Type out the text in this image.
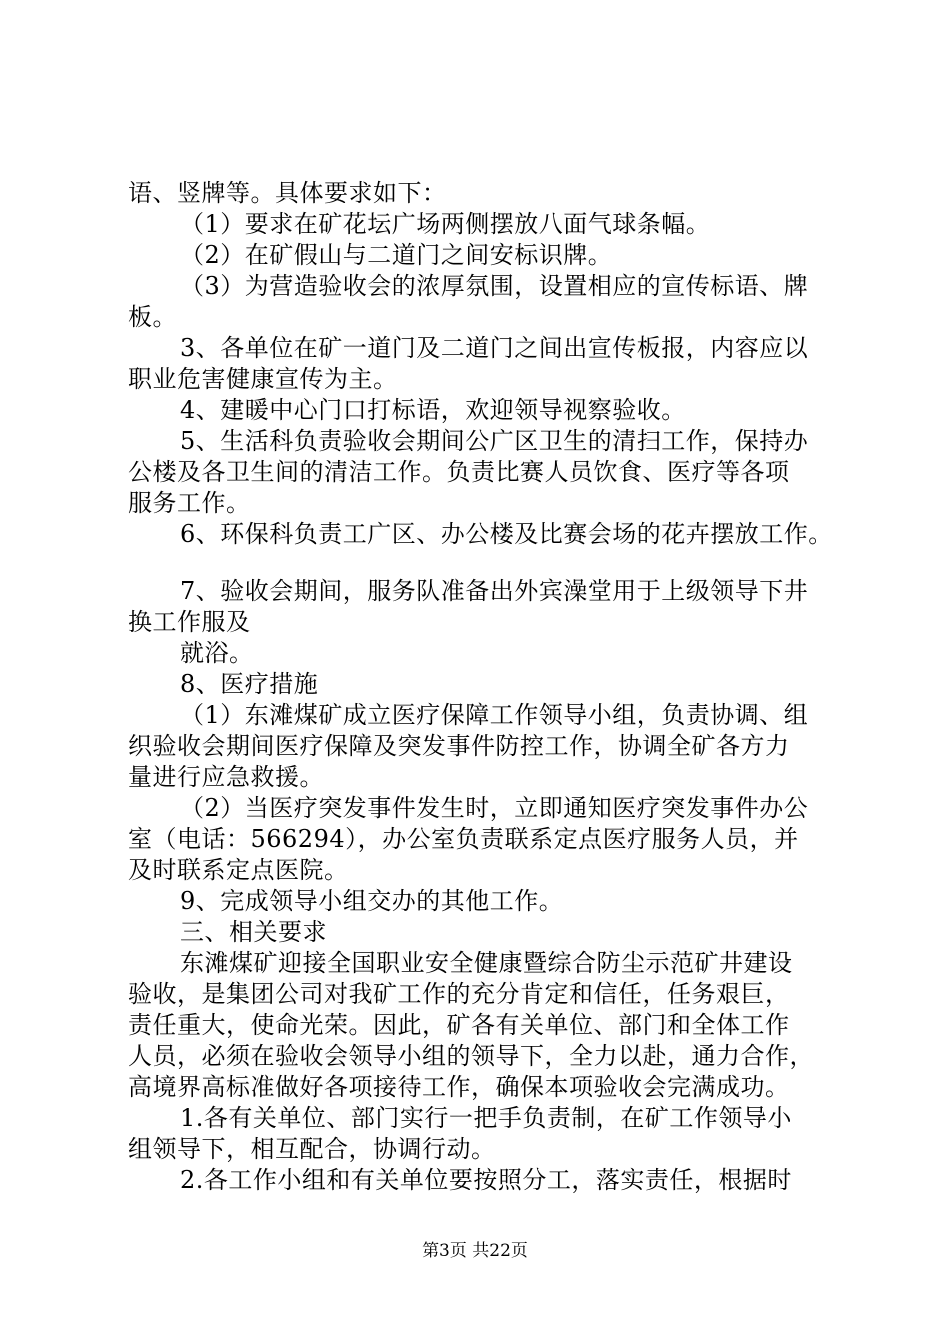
语、竖牌等。具体要求如下：
（1）要求在矿花坛广场两侧摆放八面气球条幅。
（2）在矿假山与二道门之间安标识牌。
（3）为营造验收会的浓厚氛围，设置相应的宣传标语、牌
板。
3、各单位在矿一道门及二道门之间出宣传板报，内容应以
职业危害健康宣传为主。
4、建暖中心门口打标语，欢迎领导视察验收。
5、生活科负责验收会期间公广区卫生的清扫工作，保持办
公楼及各卫生间的清洁工作。负责比赛人员饮食、医疗等各项
服务工作。
6、环保科负责工广区、办公楼及比赛会场的花卉摆放工作。
7、验收会期间，服务队准备出外宾澡堂用于上级领导下井
换工作服及
就浴。
8、医疗措施
（1）东滩煤矿成立医疗保障工作领导小组，负责协调、组
织验收会期间医疗保障及突发事件防控工作，协调全矿各方力
量进行应急救援。
（2）当医疗突发事件发生时，立即通知医疗突发事件办公
室（电话：566294），办公室负责联系定点医疗服务人员，并
及时联系定点医院。
9、完成领导小组交办的其他工作。
三、相关要求
东滩煤矿迎接全国职业安全健康暨综合防尘示范矿井建设
验收，是集团公司对我矿工作的充分肯定和信任，任务艰巨，
责任重大，使命光荣。因此，矿各有关单位、部门和全体工作
人员，必须在验收会领导小组的领导下，全力以赴，通力合作，
高境界高标准做好各项接待工作，确保本项验收会完满成功。
1.各有关单位、部门实行一把手负责制，在矿工作领导小
组领导下，相互配合，协调行动。
2.各工作小组和有关单位要按照分工，落实责任，根据时
第3页 共22页
